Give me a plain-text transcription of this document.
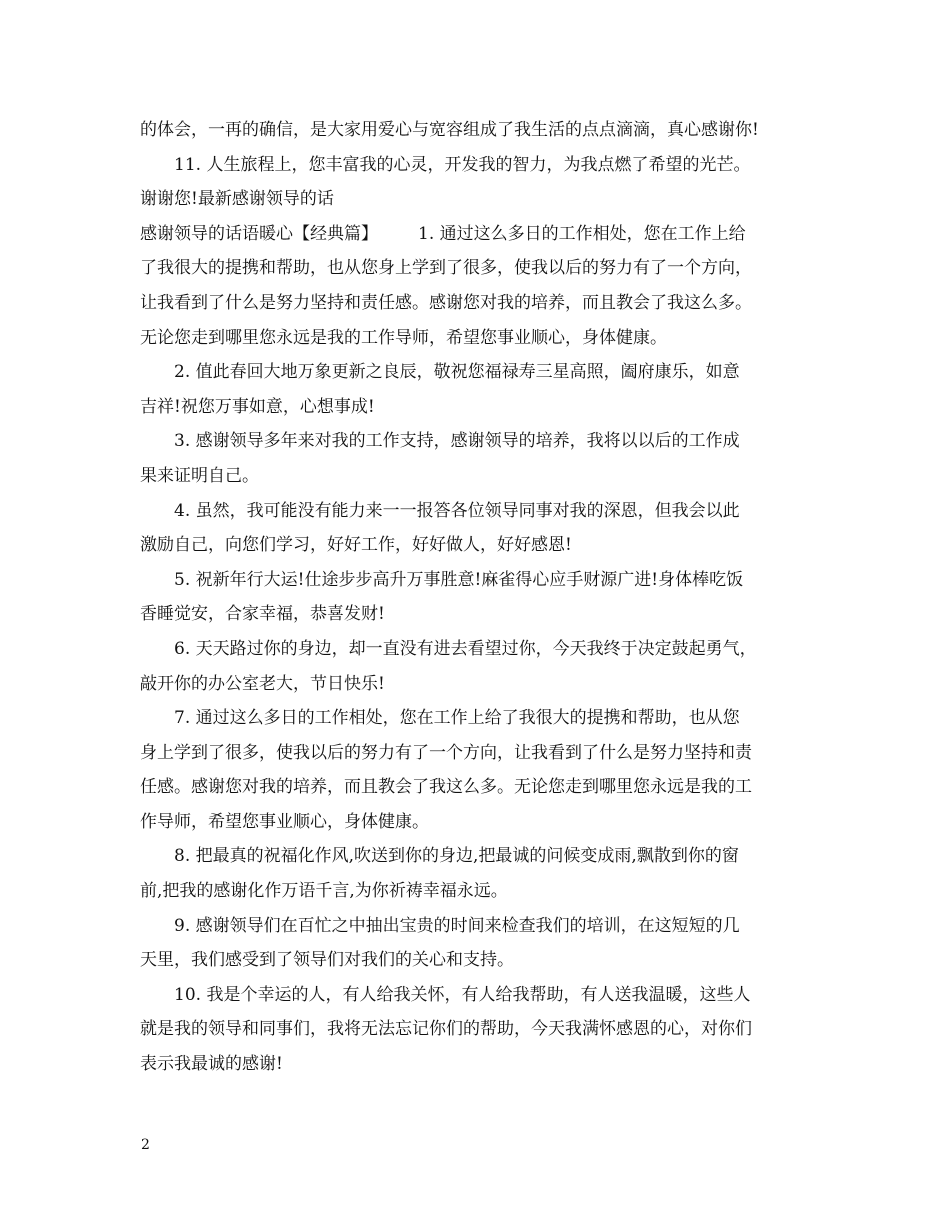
的体会，一再的确信，是大家用爱心与宽容组成了我生活的点点滴滴，真心感谢你!
11. 人生旅程上，您丰富我的心灵，开发我的智力，为我点燃了希望的光芒。
谢谢您!最新感谢领导的话
感谢领导的话语暖心【经典篇】 1. 通过这么多日的工作相处，您在工作上给
了我很大的提携和帮助，也从您身上学到了很多，使我以后的努力有了一个方向，
让我看到了什么是努力坚持和责任感。感谢您对我的培养，而且教会了我这么多。
无论您走到哪里您永远是我的工作导师，希望您事业顺心，身体健康。
2. 值此春回大地万象更新之良辰，敬祝您福禄寿三星高照，阖府康乐，如意
吉祥!祝您万事如意，心想事成!
3. 感谢领导多年来对我的工作支持，感谢领导的培养，我将以以后的工作成
果来证明自己。
4. 虽然，我可能没有能力来一一报答各位领导同事对我的深恩，但我会以此
激励自己，向您们学习，好好工作，好好做人，好好感恩!
5. 祝新年行大运!仕途步步高升万事胜意!麻雀得心应手财源广进!身体棒吃饭
香睡觉安，合家幸福，恭喜发财!
6. 天天路过你的身边，却一直没有进去看望过你，今天我终于决定鼓起勇气，
敲开你的办公室老大，节日快乐!
7. 通过这么多日的工作相处，您在工作上给了我很大的提携和帮助，也从您
身上学到了很多，使我以后的努力有了一个方向，让我看到了什么是努力坚持和责
任感。感谢您对我的培养，而且教会了我这么多。无论您走到哪里您永远是我的工
作导师，希望您事业顺心，身体健康。
8. 把最真的祝福化作风,吹送到你的身边,把最诚的问候变成雨,飘散到你的窗
前,把我的感谢化作万语千言,为你祈祷幸福永远。
9. 感谢领导们在百忙之中抽出宝贵的时间来检查我们的培训，在这短短的几
天里，我们感受到了领导们对我们的关心和支持。
10. 我是个幸运的人，有人给我关怀，有人给我帮助，有人送我温暖，这些人
就是我的领导和同事们，我将无法忘记你们的帮助，今天我满怀感恩的心，对你们
表示我最诚的感谢!
2
